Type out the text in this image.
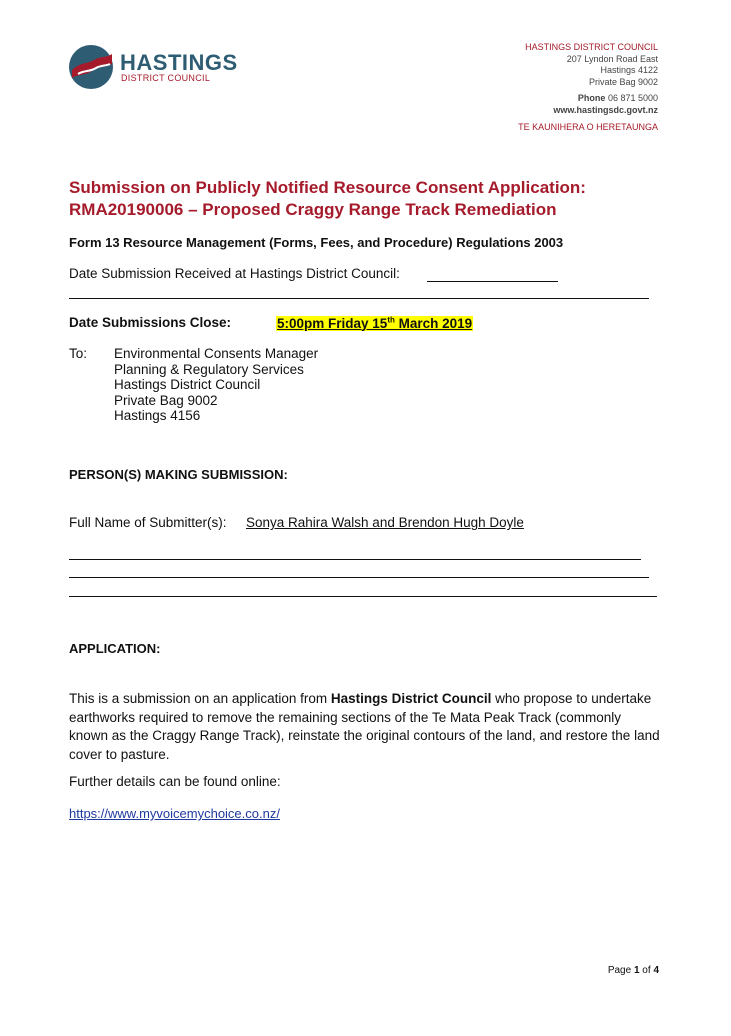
HASTINGS
DISTRICT COUNCIL
HASTINGS DISTRICT COUNCIL
207 Lyndon Road East
Hastings 4122
Private Bag 9002
Phone 06 871 5000
www.hastingsdc.govt.nz
TE KAUNIHERA O HERETAUNGA
Submission on Publicly Notified Resource Consent Application:
RMA20190006 – Proposed Craggy Range Track Remediation
Form 13 Resource Management (Forms, Fees, and Procedure) Regulations 2003
Date Submission Received at Hastings District Council:
Date Submissions Close:	5:00pm Friday 15th March 2019
To: Environmental Consents Manager
Planning & Regulatory Services
Hastings District Council
Private Bag 9002
Hastings 4156
PERSON(S) MAKING SUBMISSION:
Full Name of Submitter(s):	Sonya Rahira Walsh and Brendon Hugh Doyle
APPLICATION:
This is a submission on an application from Hastings District Council who propose to undertake earthworks required to remove the remaining sections of the Te Mata Peak Track (commonly known as the Craggy Range Track), reinstate the original contours of the land, and restore the land cover to pasture.
Further details can be found online:
https://www.myvoicemychoice.co.nz/
Page 1 of 4
